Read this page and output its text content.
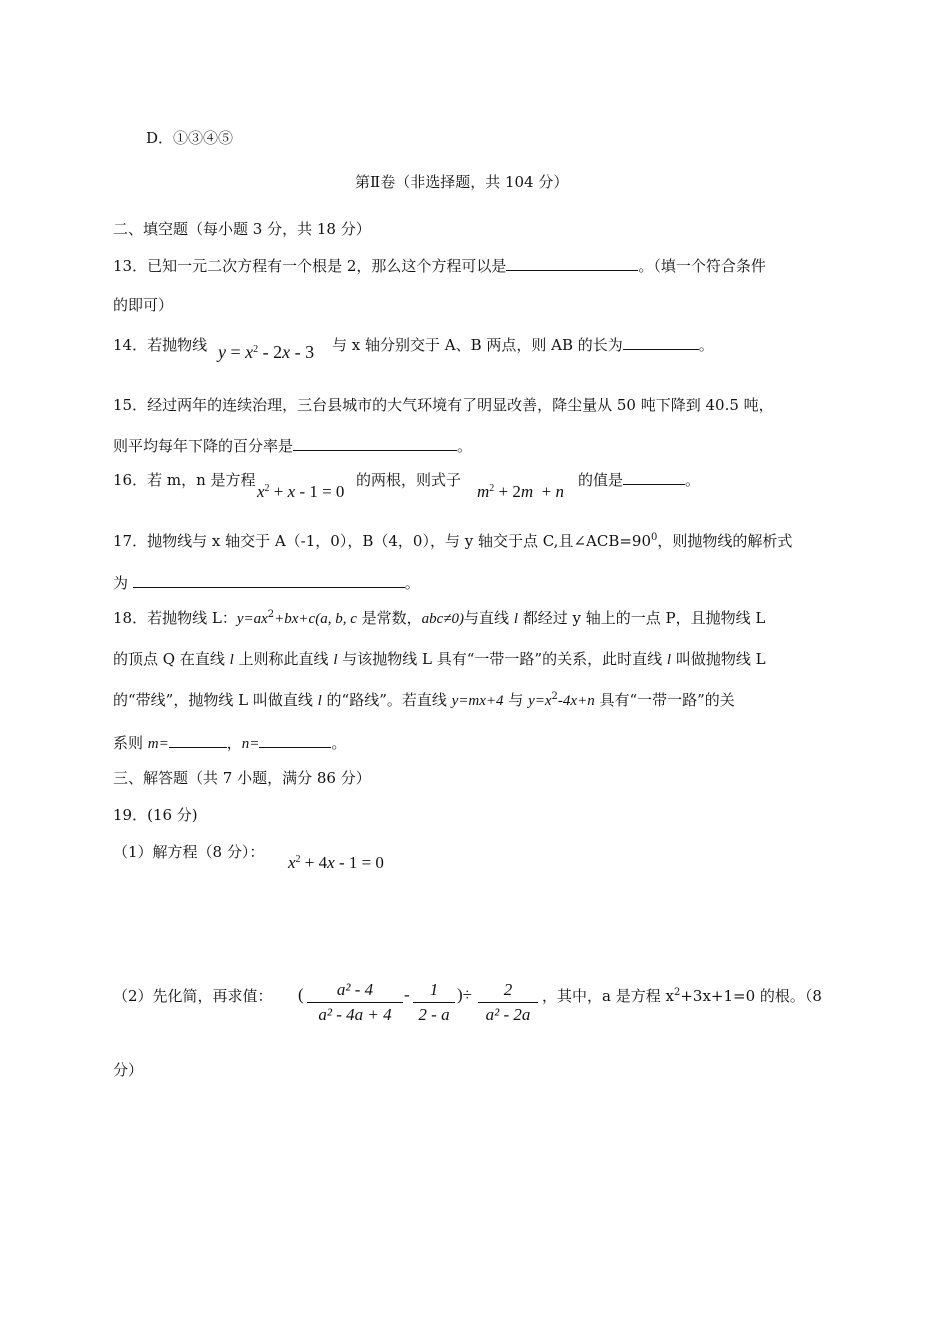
D．①③④⑤
第Ⅱ卷（非选择题，共 104 分）
二、填空题（每小题 3 分，共 18 分）
13．已知一元二次方程有一个根是 2，那么这个方程可以是	。（填一个符合条件
的即可）
14．若抛物线 $y = x^2 - 2x - 3$ 与 x 轴分别交于 A、B 两点，则 AB 的长为	。
15．经过两年的连续治理，三台县城市的大气环境有了明显改善，降尘量从 50 吨下降到 40.5 吨，
则平均每年下降的百分率是	。
16．若 m，n 是方程
$x^2 + x - 1 = 0$
的两根，则式子
$m^2 + 2m + n$
的值是	。
17．抛物线与 x 轴交于 A（-1，0），B（4，0），与 y 轴交于点 C,且$\angle ACB=90^0$，则抛物线的解析式
为	。
18．若抛物线 L：$y=ax^2+bx+c(a$, b, c 是常数，abc≠0)与直线 l 都经过 y 轴上的一点 P，且抛物线 L
的顶点 Q 在直线 l 上则称此直线 l 与该抛物线 L 具有“一带一路”的关系，此时直线 l 叫做抛物线 L
的“带线”，抛物线 L 叫做直线 l 的“路线”。若直线 y=mx+4 与 $y=x^2-4x+n$ 具有“一带一路”的关
系则 m=	，n=	。
三、解答题（共 7 小题，满分 86 分）
19．(16 分)
（1）解方程（8 分）：
$x^2 + 4x - 1 = 0$
（2）先化简，再求值： (	a² - 4
a² - 4a + 4
-	1
2 - a
)÷	2
a² - 2a
，其中，a 是方程 $x^2+3x+1=0$ 的根。（8
分）
